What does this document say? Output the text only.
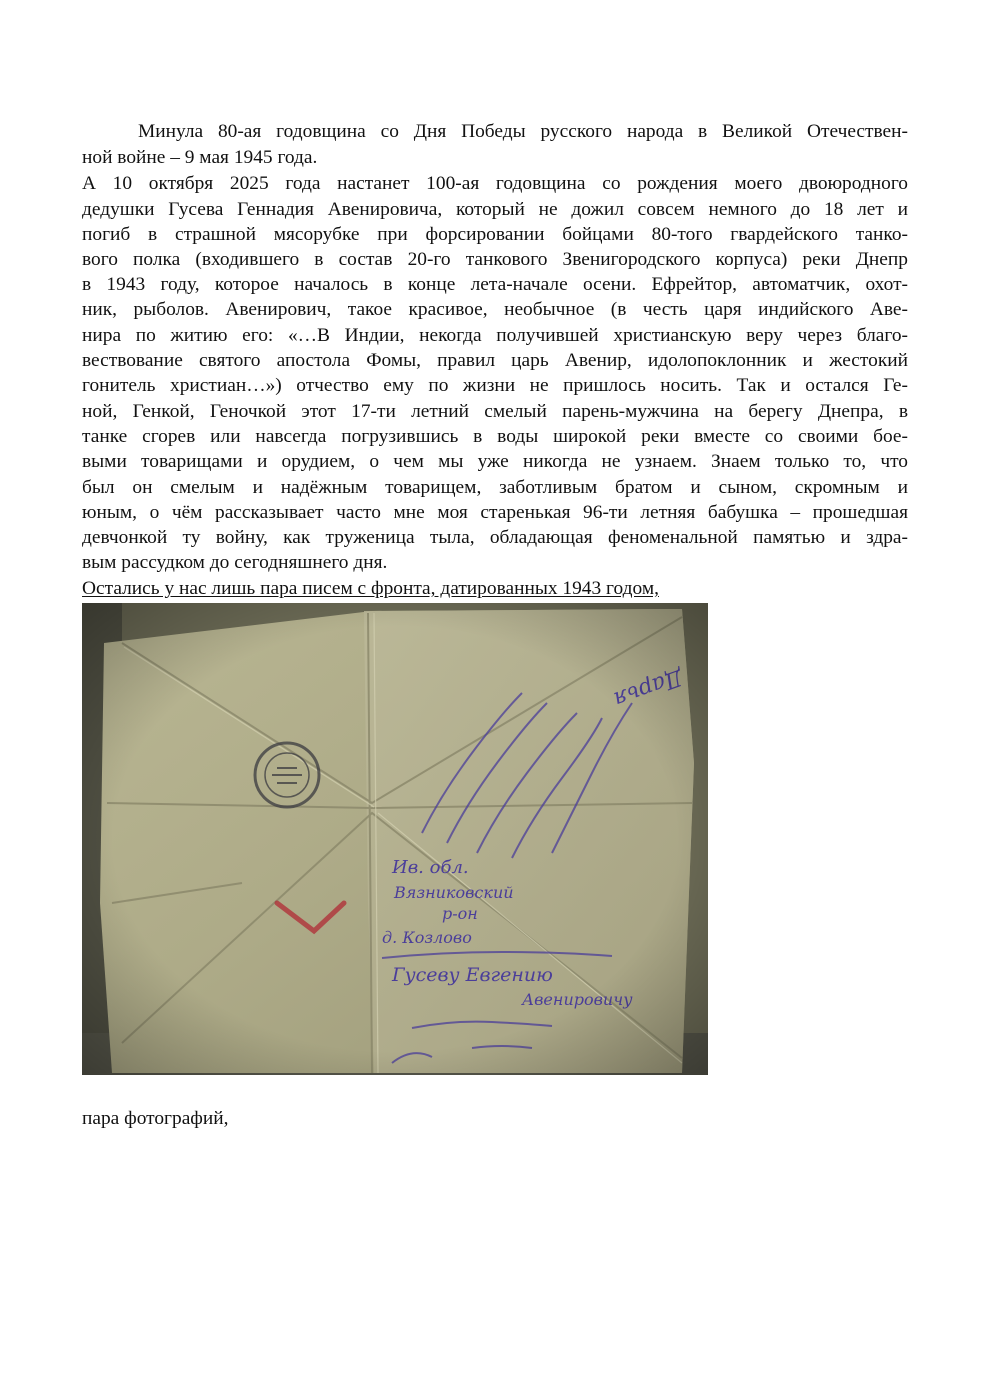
Минула 80-ая годовщина со Дня Победы русского народа в Великой Отечествен-

ной войне – 9 мая 1945 года.

А 10 октября 2025 года настанет 100-ая годовщина со рождения моего двоюродного

дедушки Гусева Геннадия Авенировича, который не дожил совсем немного до 18 лет и

погиб в страшной мясорубке при форсировании бойцами 80-того гвардейского танко-

вого полка (входившего в состав 20-го танкового Звенигородского корпуса) реки Днепр

в 1943 году, которое началось в конце лета-начале осени. Ефрейтор, автоматчик, охот-

ник, рыболов. Авенирович, такое красивое, необычное (в честь царя индийского Аве-

нира по житию его: «…В Индии, некогда получившей христианскую веру через благо-

вествование святого апостола Фомы, правил царь Авенир, идолопоклонник и жестокий

гонитель христиан…») отчество ему по жизни не пришлось носить. Так и остался Ге-

ной, Генкой, Геночкой этот 17-ти летний смелый парень-мужчина на берегу Днепра, в

танке сгорев или навсегда погрузившись в воды широкой реки вместе со своими бое-

выми товарищами и орудием, о чем мы уже никогда не узнаем. Знаем только то, что

был он смелым и надёжным товарищем, заботливым братом и сыном, скромным и

юным, о чём рассказывает часто мне моя старенькая 96-ти летняя бабушка – прошедшая

девчонкой ту войну, как труженица тыла, обладающая феноменальной памятью и здра-

вым рассудком до сегодняшнего дня.

Остались у нас лишь пара писем с фронта, датированных 1943 годом,

пара фотографий,
